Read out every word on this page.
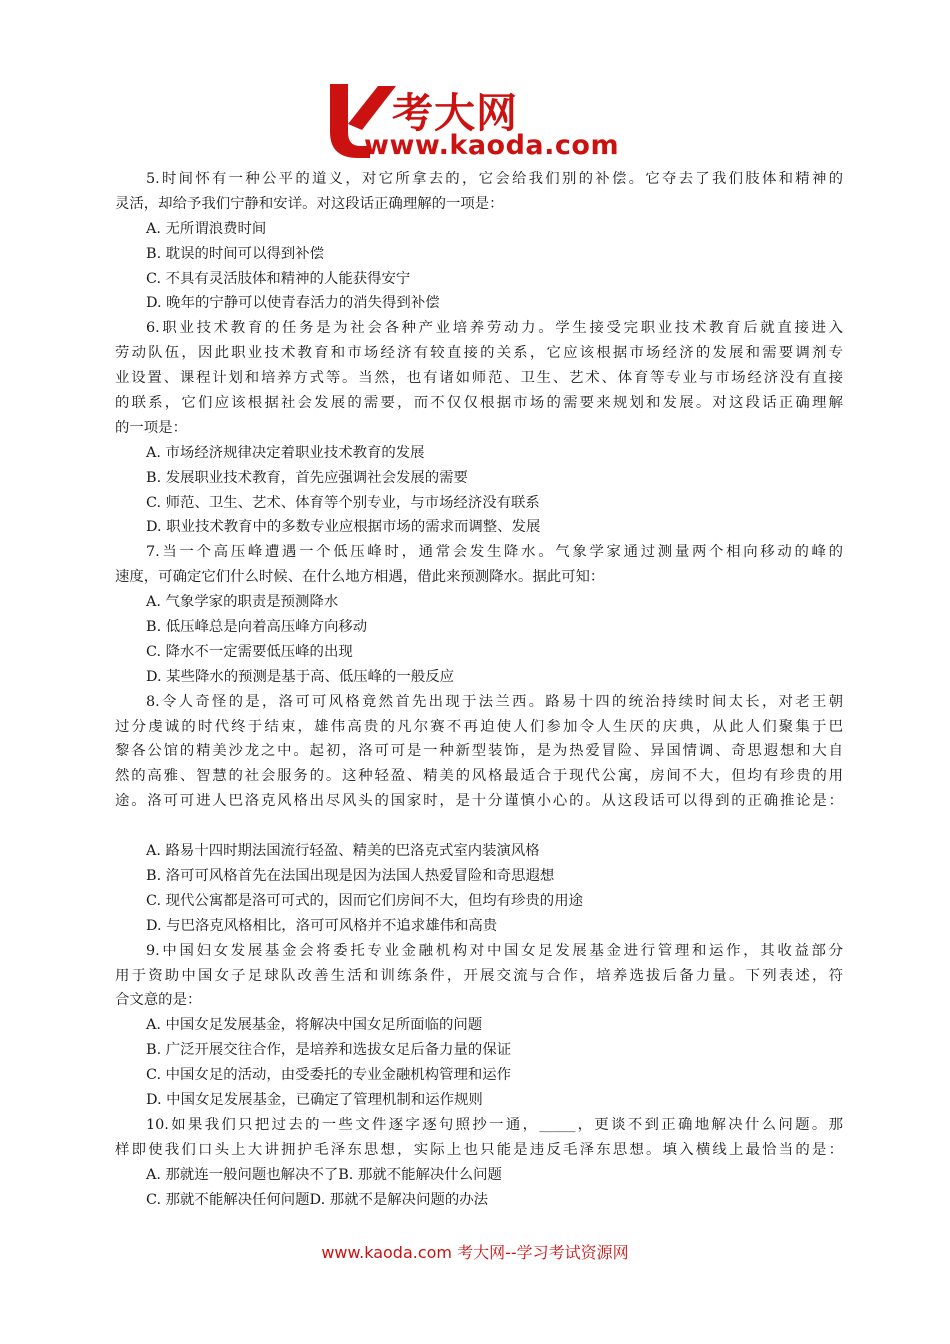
考大网
www.kaoda.com
5.时间怀有一种公平的道义，对它所拿去的，它会给我们别的补偿。它夺去了我们肢体和精神的
灵活，却给予我们宁静和安详。对这段话正确理解的一项是：
A. 无所谓浪费时间
B. 耽误的时间可以得到补偿
C. 不具有灵活肢体和精神的人能获得安宁
D. 晚年的宁静可以使青春活力的消失得到补偿
6.职业技术教育的任务是为社会各种产业培养劳动力。学生接受完职业技术教育后就直接进入
劳动队伍，因此职业技术教育和市场经济有较直接的关系，它应该根据市场经济的发展和需要调剂专
业设置、课程计划和培养方式等。当然，也有诸如师范、卫生、艺术、体育等专业与市场经济没有直接
的联系，它们应该根据社会发展的需要，而不仅仅根据市场的需要来规划和发展。对这段话正确理解
的一项是：
A. 市场经济规律决定着职业技术教育的发展
B. 发展职业技术教育，首先应强调社会发展的需要
C. 师范、卫生、艺术、体育等个别专业，与市场经济没有联系
D. 职业技术教育中的多数专业应根据市场的需求而调整、发展
7.当一个高压峰遭遇一个低压峰时，通常会发生降水。气象学家通过测量两个相向移动的峰的
速度，可确定它们什么时候、在什么地方相遇，借此来预测降水。据此可知：
A. 气象学家的职责是预测降水
B. 低压峰总是向着高压峰方向移动
C. 降水不一定需要低压峰的出现
D. 某些降水的预测是基于高、低压峰的一般反应
8.令人奇怪的是，洛可可风格竟然首先出现于法兰西。路易十四的统治持续时间太长，对老王朝
过分虔诚的时代终于结束，雄伟高贵的凡尔赛不再迫使人们参加令人生厌的庆典，从此人们聚集于巴
黎各公馆的精美沙龙之中。起初，洛可可是一种新型装饰，是为热爱冒险、异国情调、奇思遐想和大自
然的高雅、智慧的社会服务的。这种轻盈、精美的风格最适合于现代公寓，房间不大，但均有珍贵的用
途。洛可可进人巴洛克风格出尽风头的国家时，是十分谨慎小心的。从这段话可以得到的正确推论是：
A. 路易十四时期法国流行轻盈、精美的巴洛克式室内装演风格
B. 洛可可风格首先在法国出现是因为法国人热爱冒险和奇思遐想
C. 现代公寓都是洛可可式的，因而它们房间不大，但均有珍贵的用途
D. 与巴洛克风格相比，洛可可风格并不追求雄伟和高贵
9.中国妇女发展基金会将委托专业金融机构对中国女足发展基金进行管理和运作，其收益部分
用于资助中国女子足球队改善生活和训练条件，开展交流与合作，培养选拔后备力量。下列表述，符
合文意的是：
A. 中国女足发展基金，将解决中国女足所面临的问题
B. 广泛开展交往合作，是培养和选拔女足后备力量的保证
C. 中国女足的活动，由受委托的专业金融机构管理和运作
D. 中国女足发展基金，已确定了管理机制和运作规则
10.如果我们只把过去的一些文件逐字逐句照抄一通，_____，更谈不到正确地解决什么问题。那
样即使我们口头上大讲拥护毛泽东思想，实际上也只能是违反毛泽东思想。填入横线上最恰当的是：
A. 那就连一般问题也解决不了B. 那就不能解决什么问题
C. 那就不能解决任何问题D. 那就不是解决问题的办法
www.kaoda.com 考大网--学习考试资源网
